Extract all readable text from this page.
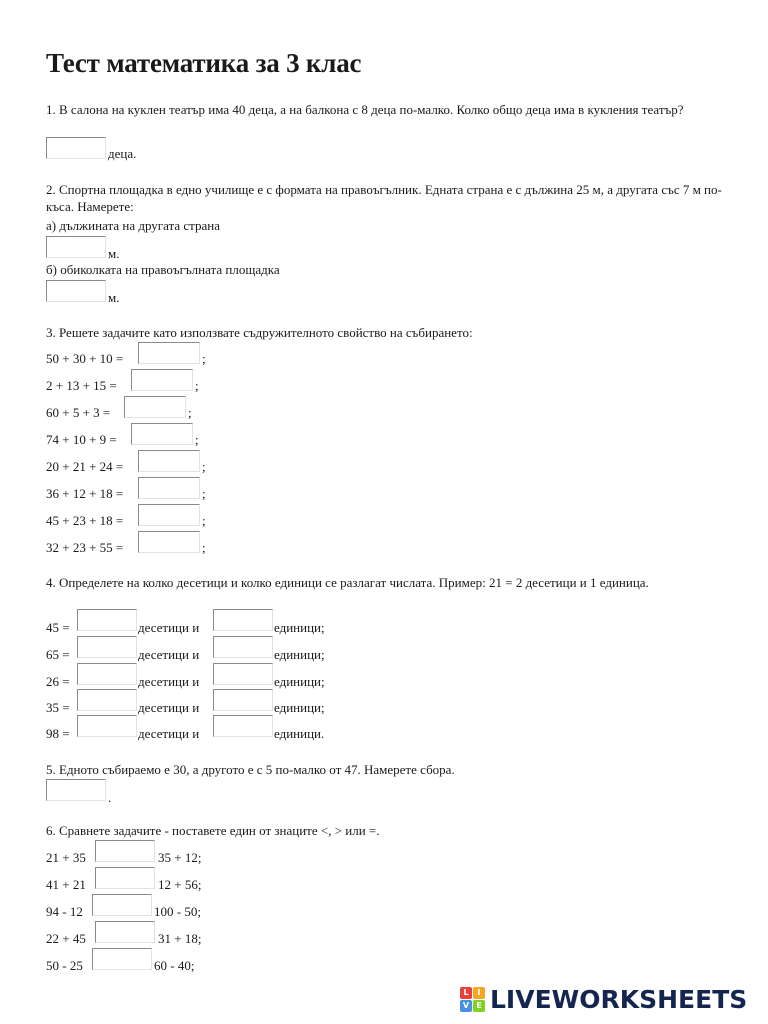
Тест математика за 3 клас
1. В салона на куклен театър има 40 деца, а на балкона с 8 деца по-малко. Колко общо деца има в кукления театър?
деца.
2. Спортна площадка в едно училище е с формата на правоъгълник. Едната страна е с дължина 25 м, а другата със 7 м по-къса. Намерете:
а) дължината на другата страна
м.
б) обиколката на правоъгълната площадка
м.
3. Решете задачите като използвате съдружителното свойство на събирането:
50 + 30 + 10 =	;
2 + 13 + 15 =	;
60 + 5 + 3 =	;
74 + 10 + 9 =	;
20 + 21 + 24 =	;
36 + 12 + 18 =	;
45 + 23 + 18 =	;
32 + 23 + 55 =	;
4. Определете на колко десетици и колко единици се разлагат числата. Пример: 21 = 2 десетици и 1 единица.
45 =	десетици и	единици;
65 =	десетици и	единици;
26 =	десетици и	единици;
35 =	десетици и	единици;
98 =	десетици и	единици.
5. Едното събираемо е 30, а другото е с 5 по-малко от 47. Намерете сбора.
.
6. Сравнете задачите - поставете един от знаците <, > или =.
21 + 35	35 + 12;
41 + 21	12 + 56;
94 - 12	100 - 50;
22 + 45	31 + 18;
50 - 25	60 - 40;
L	I
V E LIVEWORKSHEETS
